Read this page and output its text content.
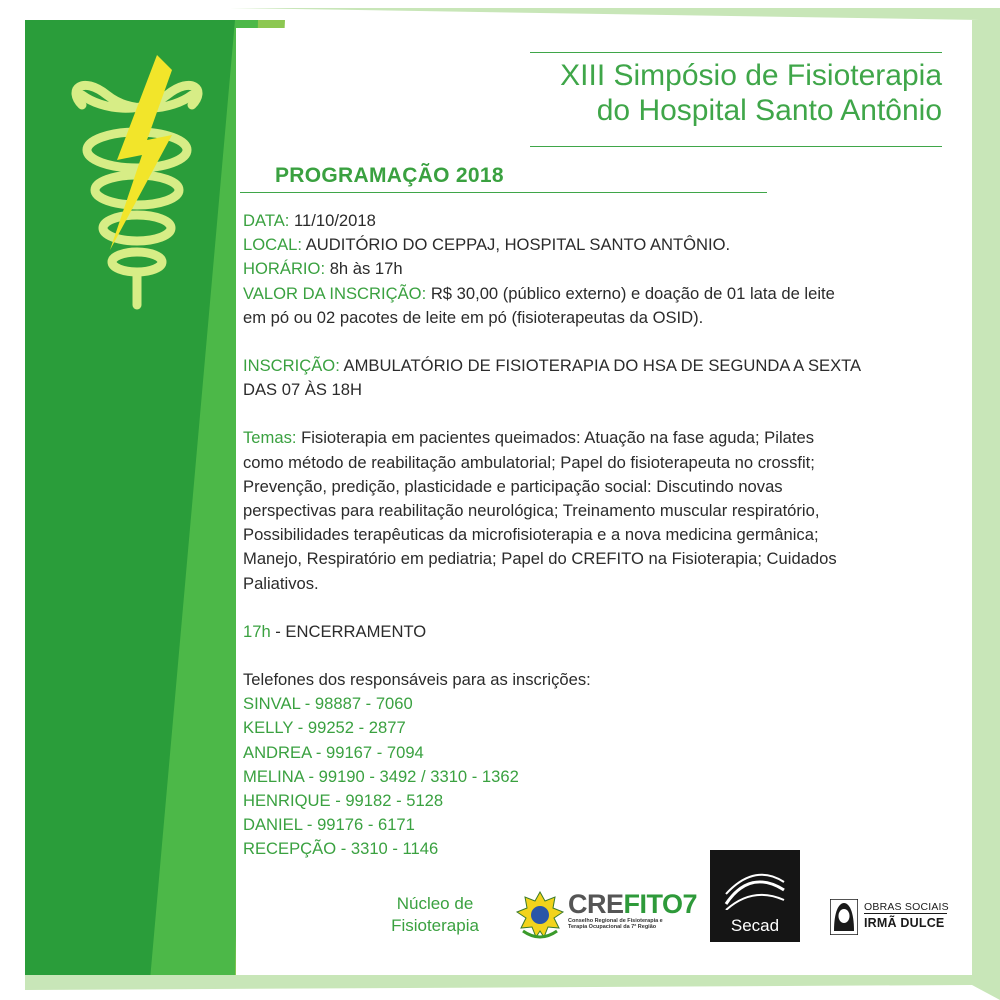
XIII Simpósio de Fisioterapia
do Hospital Santo Antônio
PROGRAMAÇÃO 2018

DATA: 11/10/2018

LOCAL: AUDITÓRIO DO CEPPAJ, HOSPITAL SANTO ANTÔNIO.

HORÁRIO: 8h às 17h

VALOR DA INSCRIÇÃO: R$ 30,00 (público externo) e doação de 01 lata de leite

em pó ou 02 pacotes de leite em pó (fisioterapeutas da OSID).

INSCRIÇÃO: AMBULATÓRIO DE FISIOTERAPIA DO HSA DE SEGUNDA A SEXTA

DAS 07 ÀS 18H

Temas: Fisioterapia em pacientes queimados: Atuação na fase aguda; Pilates

como método de reabilitação ambulatorial; Papel do fisioterapeuta no crossfit;

Prevenção, predição, plasticidade e participação social: Discutindo novas

perspectivas para reabilitação neurológica; Treinamento muscular respiratório,

Possibilidades terapêuticas da microfisioterapia e a nova medicina germânica;

Manejo, Respiratório em pediatria; Papel do CREFITO na Fisioterapia; Cuidados

Paliativos.

17h - ENCERRAMENTO

Telefones dos responsáveis para as inscrições:

SINVAL - 98887 - 7060

KELLY - 99252 - 2877

ANDREA - 99167 - 7094

MELINA - 99190 - 3492 / 3310 - 1362

HENRIQUE - 99182 - 5128

DANIEL - 99176 - 6171

RECEPÇÃO - 3310 - 1146

Núcleo de
Fisioterapia
CREFITO7
Conselho Regional de Fisioterapia e
Terapia Ocupacional da 7ª Região	Secad
OBRAS SOCIAIS
IRMÃ DULCE
